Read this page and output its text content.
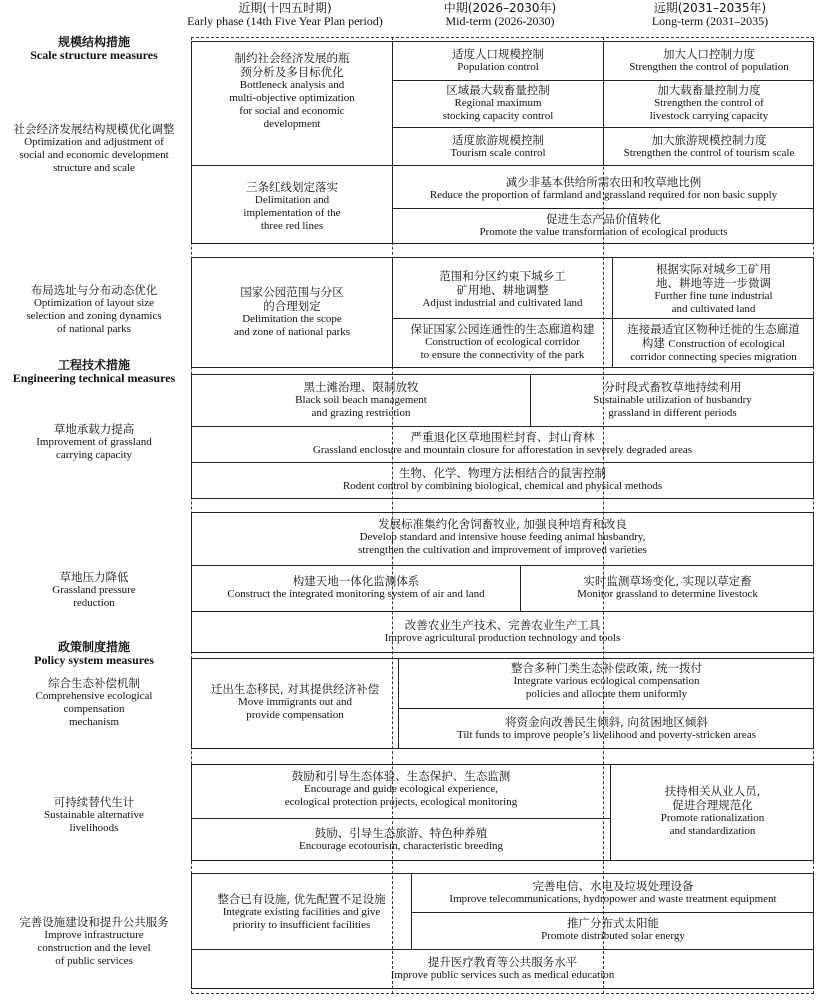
近期(十四五时期)
Early phase (14th Five Year Plan period)
中期(2026–2030年)
Mid-term (2026-2030)
远期(2031–2035年)
Long-term (2031–2035)
规模结构措施
Scale structure measures
社会经济发展结构规模优化调整
Optimization and adjustment of
social and economic development
structure and scale
布局选址与分布动态优化
Optimization of layout size
selection and zoning dynamics
of national parks
工程技术措施
Engineering technical measures
草地承载力提高
Improvement of grassland
carrying capacity
草地压力降低
Grassland pressure
reduction
政策制度措施
Policy system measures
综合生态补偿机制
Comprehensive ecological
compensation
mechanism
可持续替代生计
Sustainable alternative
livelihoods
完善设施建设和提升公共服务
Improve infrastructure
construction and the level
of public services
制约社会经济发展的瓶
颈分析及多目标优化
Bottleneck analysis and
multi-objective optimization
for social and economic
development
适度人口规模控制
Population control
加大人口控制力度
Strengthen the control of population
区域最大载畜量控制
Regional maximum
stocking capacity control
加大载畜量控制力度
Strengthen the control of
livestock carrying capacity
适度旅游规模控制
Tourism scale control
加大旅游规模控制力度
Strengthen the control of tourism scale
三条红线划定落实
Delimitation and
implementation of the
three red lines
减少非基本供给所需农田和牧草地比例
Reduce the proportion of farmland and grassland required for non basic supply
促进生态产品价值转化
Promote the value transformation of ecological products
国家公园范围与分区
的合理划定
Delimitation the scope
and zone of national parks
范围和分区约束下城乡工
矿用地、耕地调整
Adjust industrial and cultivated land
根据实际对城乡工矿用
地、耕地等进一步微调
Further fine tune industrial
and cultivated land
保证国家公园连通性的生态廊道构建
Construction of ecological corridor
to ensure the connectivity of the park
连接最适宜区物种迁徙的生态廊道
构建 Construction of ecological
corridor connecting species migration
黑土滩治理、限制放牧
Black soil beach management
and grazing restriction
分时段式畜牧草地持续利用
Sustainable utilization of husbandry
grassland in different periods
严重退化区草地围栏封育、封山育林
Grassland enclosure and mountain closure for afforestation in severely degraded areas
生物、化学、物理方法相结合的鼠害控制
Rodent control by combining biological, chemical and physical methods
发展标准集约化舍饲畜牧业, 加强良种培育和改良
Develop standard and intensive house feeding animal husbandry,
strengthen the cultivation and improvement of improved varieties
构建天地一体化监测体系
Construct the integrated monitoring system of air and land
实时监测草场变化, 实现以草定畜
Monitor grassland to determine livestock
改善农业生产技术、完善农业生产工具
Improve agricultural production technology and tools
迁出生态移民, 对其提供经济补偿
Move immigrants out and
provide compensation
整合多种门类生态补偿政策, 统一拨付
Integrate various ecological compensation
policies and allocate them uniformly
将资金向改善民生倾斜, 向贫困地区倾斜
Tilt funds to improve people’s livelihood and poverty-stricken areas
鼓励和引导生态体验、生态保护、生态监测
Encourage and guide ecological experience,
ecological protection projects, ecological monitoring
鼓励、引导生态旅游、特色种养殖
Encourage ecotourism, characteristic breeding
扶持相关从业人员,
促进合理规范化
Promote rationalization
and standardization
整合已有设施, 优先配置不足设施
Integrate existing facilities and give
priority to insufficient facilities
完善电信、水电及垃圾处理设备
Improve telecommunications, hydropower and waste treatment equipment
推广分布式太阳能
Promote distributed solar energy
提升医疗教育等公共服务水平
Improve public services such as medical education
